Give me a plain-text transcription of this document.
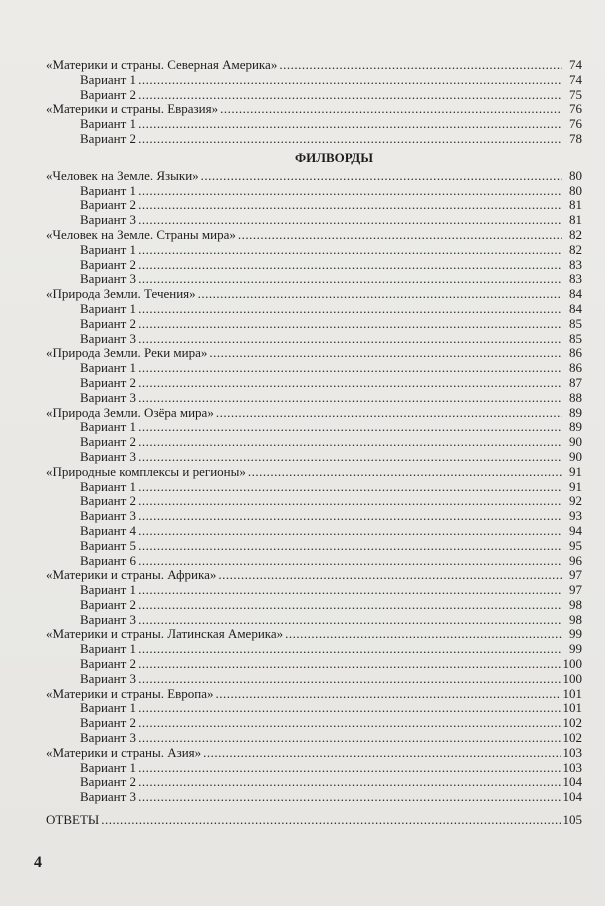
«Материки и страны. Северная Америка» .....	74
Вариант 1 .....	74
Вариант 2 .....	75
«Материки и страны. Евразия» .....	76
Вариант 1 .....	76
Вариант 2 .....	78
ФИЛВОРДЫ
«Человек на Земле. Языки» .....	80
Вариант 1 .....	80
Вариант 2 .....	81
Вариант 3 .....	81
«Человек на Земле. Страны мира» .....	82
Вариант 1 .....	82
Вариант 2 .....	83
Вариант 3 .....	83
«Природа Земли. Течения» .....	84
Вариант 1 .....	84
Вариант 2 .....	85
Вариант 3 .....	85
«Природа Земли. Реки мира» .....	86
Вариант 1 .....	86
Вариант 2 .....	87
Вариант 3 .....	88
«Природа Земли. Озёра мира» .....	89
Вариант 1 .....	89
Вариант 2 .....	90
Вариант 3 .....	90
«Природные комплексы и регионы» .....	91
Вариант 1 .....	91
Вариант 2 .....	92
Вариант 3 .....	93
Вариант 4 .....	94
Вариант 5 .....	95
Вариант 6 .....	96
«Материки и страны. Африка» .....	97
Вариант 1 .....	97
Вариант 2 .....	98
Вариант 3 .....	98
«Материки и страны. Латинская Америка» .....	99
Вариант 1 .....	99
Вариант 2 .....	100
Вариант 3 .....	100
«Материки и страны. Европа» .....	101
Вариант 1 .....	101
Вариант 2 .....	102
Вариант 3 .....	102
«Материки и страны. Азия» .....	103
Вариант 1 .....	103
Вариант 2 .....	104
Вариант 3 .....	104
ОТВЕТЫ .....	105
4
